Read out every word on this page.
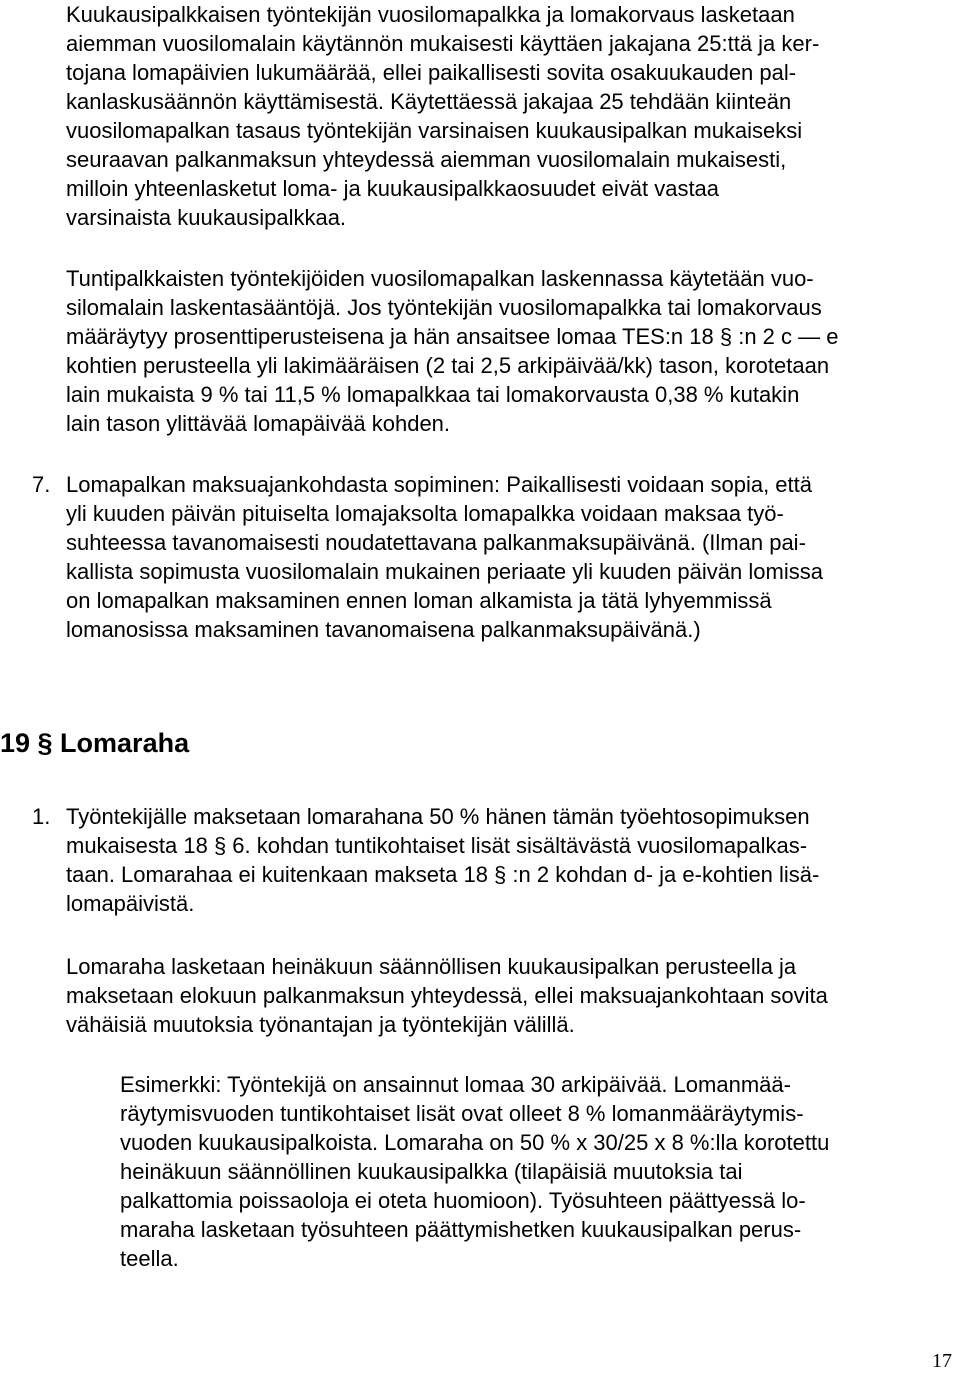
Kuukausipalkkaisen työntekijän vuosilomapalkka ja lomakorvaus lasketaan

aiemman vuosilomalain käytännön mukaisesti käyttäen jakajana 25:ttä ja ker-

tojana lomapäivien lukumäärää, ellei paikallisesti sovita osakuukauden pal-

kanlaskusäännön käyttämisestä. Käytettäessä jakajaa 25 tehdään kiinteän

vuosilomapalkan tasaus työntekijän varsinaisen kuukausipalkan mukaiseksi

seuraavan palkanmaksun yhteydessä aiemman vuosilomalain mukaisesti,

milloin yhteenlasketut loma- ja kuukausipalkkaosuudet eivät vastaa

varsinaista kuukausipalkkaa.

Tuntipalkkaisten työntekijöiden vuosilomapalkan laskennassa käytetään vuo-

silomalain laskentasääntöjä. Jos työntekijän vuosilomapalkka tai lomakorvaus

määräytyy prosenttiperusteisena ja hän ansaitsee lomaa TES:n 18 § :n 2 c — e

kohtien perusteella yli lakimääräisen (2 tai 2,5 arkipäivää/kk) tason, korotetaan

lain mukaista 9 % tai 11,5 % lomapalkkaa tai lomakorvausta 0,38 % kutakin

lain tason ylittävää lomapäivää kohden.

7. Lomapalkan maksuajankohdasta sopiminen: Paikallisesti voidaan sopia, että

yli kuuden päivän pituiselta lomajaksolta lomapalkka voidaan maksaa työ-

suhteessa tavanomaisesti noudatettavana palkanmaksupäivänä. (Ilman pai-

kallista sopimusta vuosilomalain mukainen periaate yli kuuden päivän lomissa

on lomapalkan maksaminen ennen loman alkamista ja tätä lyhyemmissä

lomanosissa maksaminen tavanomaisena palkanmaksupäivänä.)

19 § Lomaraha
1. Työntekijälle maksetaan lomarahana 50 % hänen tämän työehtosopimuksen

mukaisesta 18 § 6. kohdan tuntikohtaiset lisät sisältävästä vuosilomapalkas-

taan. Lomarahaa ei kuitenkaan makseta 18 § :n 2 kohdan d- ja e-kohtien lisä-

lomapäivistä.

Lomaraha lasketaan heinäkuun säännöllisen kuukausipalkan perusteella ja

maksetaan elokuun palkanmaksun yhteydessä, ellei maksuajankohtaan sovita

vähäisiä muutoksia työnantajan ja työntekijän välillä.

Esimerkki: Työntekijä on ansainnut lomaa 30 arkipäivää. Lomanmää-

räytymisvuoden tuntikohtaiset lisät ovat olleet 8 % lomanmääräytymis-

vuoden kuukausipalkoista. Lomaraha on 50 % x 30/25 x 8 %:lla korotettu

heinäkuun säännöllinen kuukausipalkka (tilapäisiä muutoksia tai

palkattomia poissaoloja ei oteta huomioon). Työsuhteen päättyessä lo-

maraha lasketaan työsuhteen päättymishetken kuukausipalkan perus-

teella.

17
